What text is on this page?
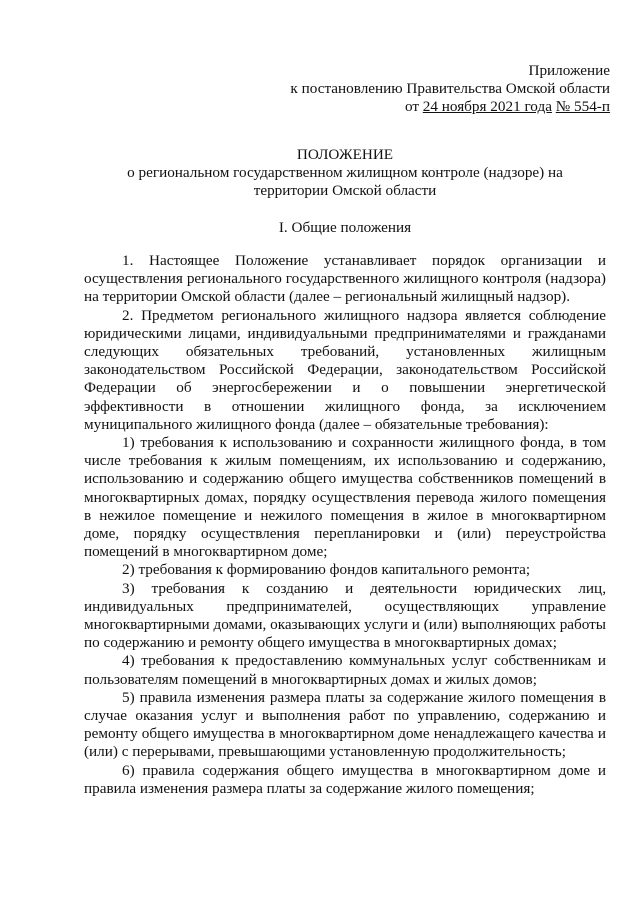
Приложение
к постановлению Правительства Омской области
от 24 ноября 2021 года № 554-п
ПОЛОЖЕНИЕ
о региональном государственном жилищном контроле (надзоре) на
территории Омской области
I. Общие положения

1. Настоящее Положение устанавливает порядок организации и осуществления регионального государственного жилищного контроля (надзора) на территории Омской области (далее – региональный жилищный надзор).

2. Предметом регионального жилищного надзора является соблюдение юридическими лицами, индивидуальными предпринимателями и гражданами следующих обязательных требований, установленных жилищным законодательством Российской Федерации, законодательством Российской Федерации об энергосбережении и о повышении энергетической эффективности в отношении жилищного фонда, за исключением муниципального жилищного фонда (далее – обязательные требования):

1) требования к использованию и сохранности жилищного фонда, в том числе требования к жилым помещениям, их использованию и содержанию, использованию и содержанию общего имущества собственников помещений в многоквартирных домах, порядку осуществления перевода жилого помещения в нежилое помещение и нежилого помещения в жилое в многоквартирном доме, порядку осуществления перепланировки и (или) переустройства помещений в многоквартирном доме;

2) требования к формированию фондов капитального ремонта;

3) требования к созданию и деятельности юридических лиц, индивидуальных предпринимателей, осуществляющих управление многоквартирными домами, оказывающих услуги и (или) выполняющих работы по содержанию и ремонту общего имущества в многоквартирных домах;

4) требования к предоставлению коммунальных услуг собственникам и пользователям помещений в многоквартирных домах и жилых домов;

5) правила изменения размера платы за содержание жилого помещения в случае оказания услуг и выполнения работ по управлению, содержанию и ремонту общего имущества в многоквартирном доме ненадлежащего качества и (или) с перерывами, превышающими установленную продолжительность;

6) правила содержания общего имущества в многоквартирном доме и правила изменения размера платы за содержание жилого помещения;
